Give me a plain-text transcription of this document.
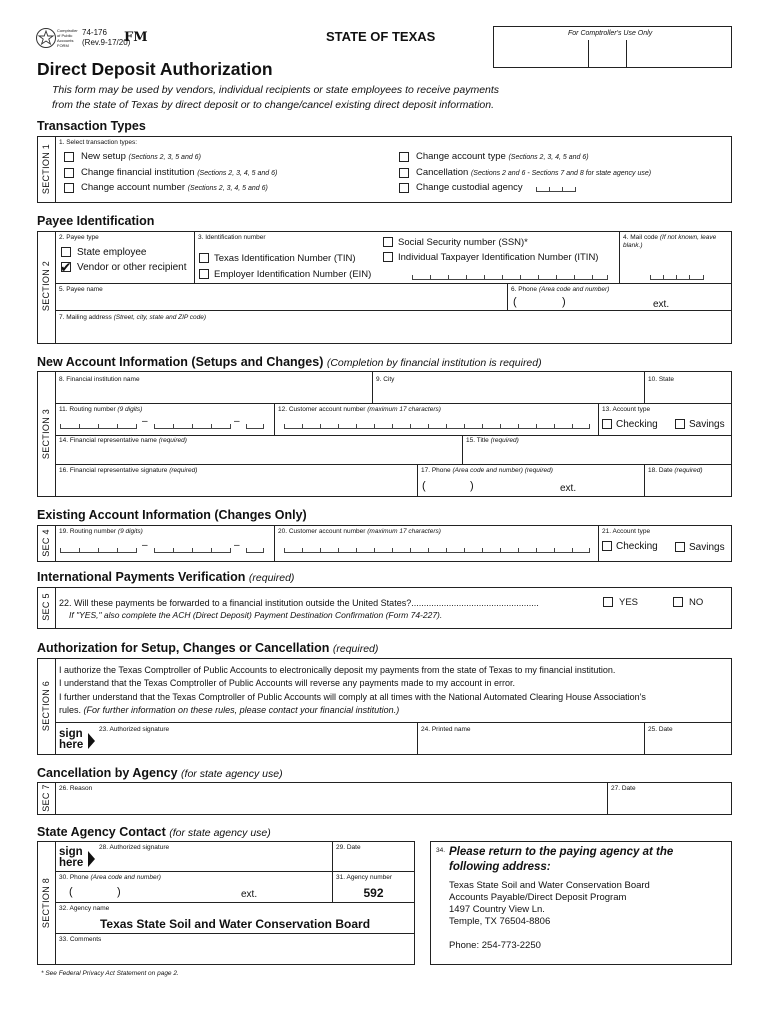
Comptroller of Public Accounts FORM
74-176
(Rev.9-17/20)
FM	STATE OF TEXAS	For Comptroller's Use Only
Direct Deposit Authorization
This form may be used by vendors, individual recipients or state employees to receive payments
from the state of Texas by direct deposit or to change/cancel existing direct deposit information.
Transaction Types
SECTION 1
1. Select transaction types:
New setup (Sections 2, 3, 5 and 6)
Change financial institution (Sections 2, 3, 4, 5 and 6)
Change account number (Sections 2, 3, 4, 5 and 6)
Change account type (Sections 2, 3, 4, 5 and 6)
Cancellation (Sections 2 and 6 - Sections 7 and 8 for state agency use)
Change custodial agency
Payee Identification
SECTION 2
2. Payee type
State employee
✔ Vendor or other recipient
3. Identification number
Texas Identification Number (TIN)
Employer Identification Number (EIN)
Social Security number (SSN)*
Individual Taxpayer Identification Number (ITIN)
4. Mail code (If not known, leave blank.)
5. Payee name	6. Phone (Area code and number)
(	)	ext.
7. Mailing address (Street, city, state and ZIP code)
New Account Information (Setups and Changes) (Completion by financial institution is required)
SECTION 3
8. Financial institution name	9. City	10. State
11. Routing number (9 digits)
–	–
12. Customer account number (maximum 17 characters)	13. Account type
Checking	Savings
14. Financial representative name (required)	15. Title (required)
16. Financial representative signature (required)	17. Phone (Area code and number) (required)
(	)	ext.
18. Date (required)
Existing Account Information (Changes Only)
SEC 4 19. Routing number (9 digits)
–	–
20. Customer account number (maximum 17 characters)	21. Account type
Checking	Savings
International Payments Verification (required)
SEC 5 22. Will these payments be forwarded to a financial institution outside the United States?...................................................	YES	NO
If "YES," also complete the ACH (Direct Deposit) Payment Destination Confirmation (Form 74-227).
Authorization for Setup, Changes or Cancellation (required)
SECTION 6
I authorize the Texas Comptroller of Public Accounts to electronically deposit my payments from the state of Texas to my financial institution.
I understand that the Texas Comptroller of Public Accounts will reverse any payments made to my account in error.
I further understand that the Texas Comptroller of Public Accounts will comply at all times with the National Automated Clearing House Association's
rules. (For further information on these rules, please contact your financial institution.)
sign
here
23. Authorized signature	24. Printed name	25. Date
Cancellation by Agency (for state agency use)
SEC 7 26. Reason	27. Date
State Agency Contact (for state agency use)
SECTION 8
sign
here
28. Authorized signature	29. Date
30. Phone (Area code and number)
(	)	ext.
31. Agency number
592
32. Agency name
Texas State Soil and Water Conservation Board
33. Comments
34. Please return to the paying agency at the
following address:
Texas State Soil and Water Conservation Board
Accounts Payable/Direct Deposit Program
1497 Country View Ln.
Temple, TX 76504-8806
Phone: 254-773-2250
* See Federal Privacy Act Statement on page 2.
